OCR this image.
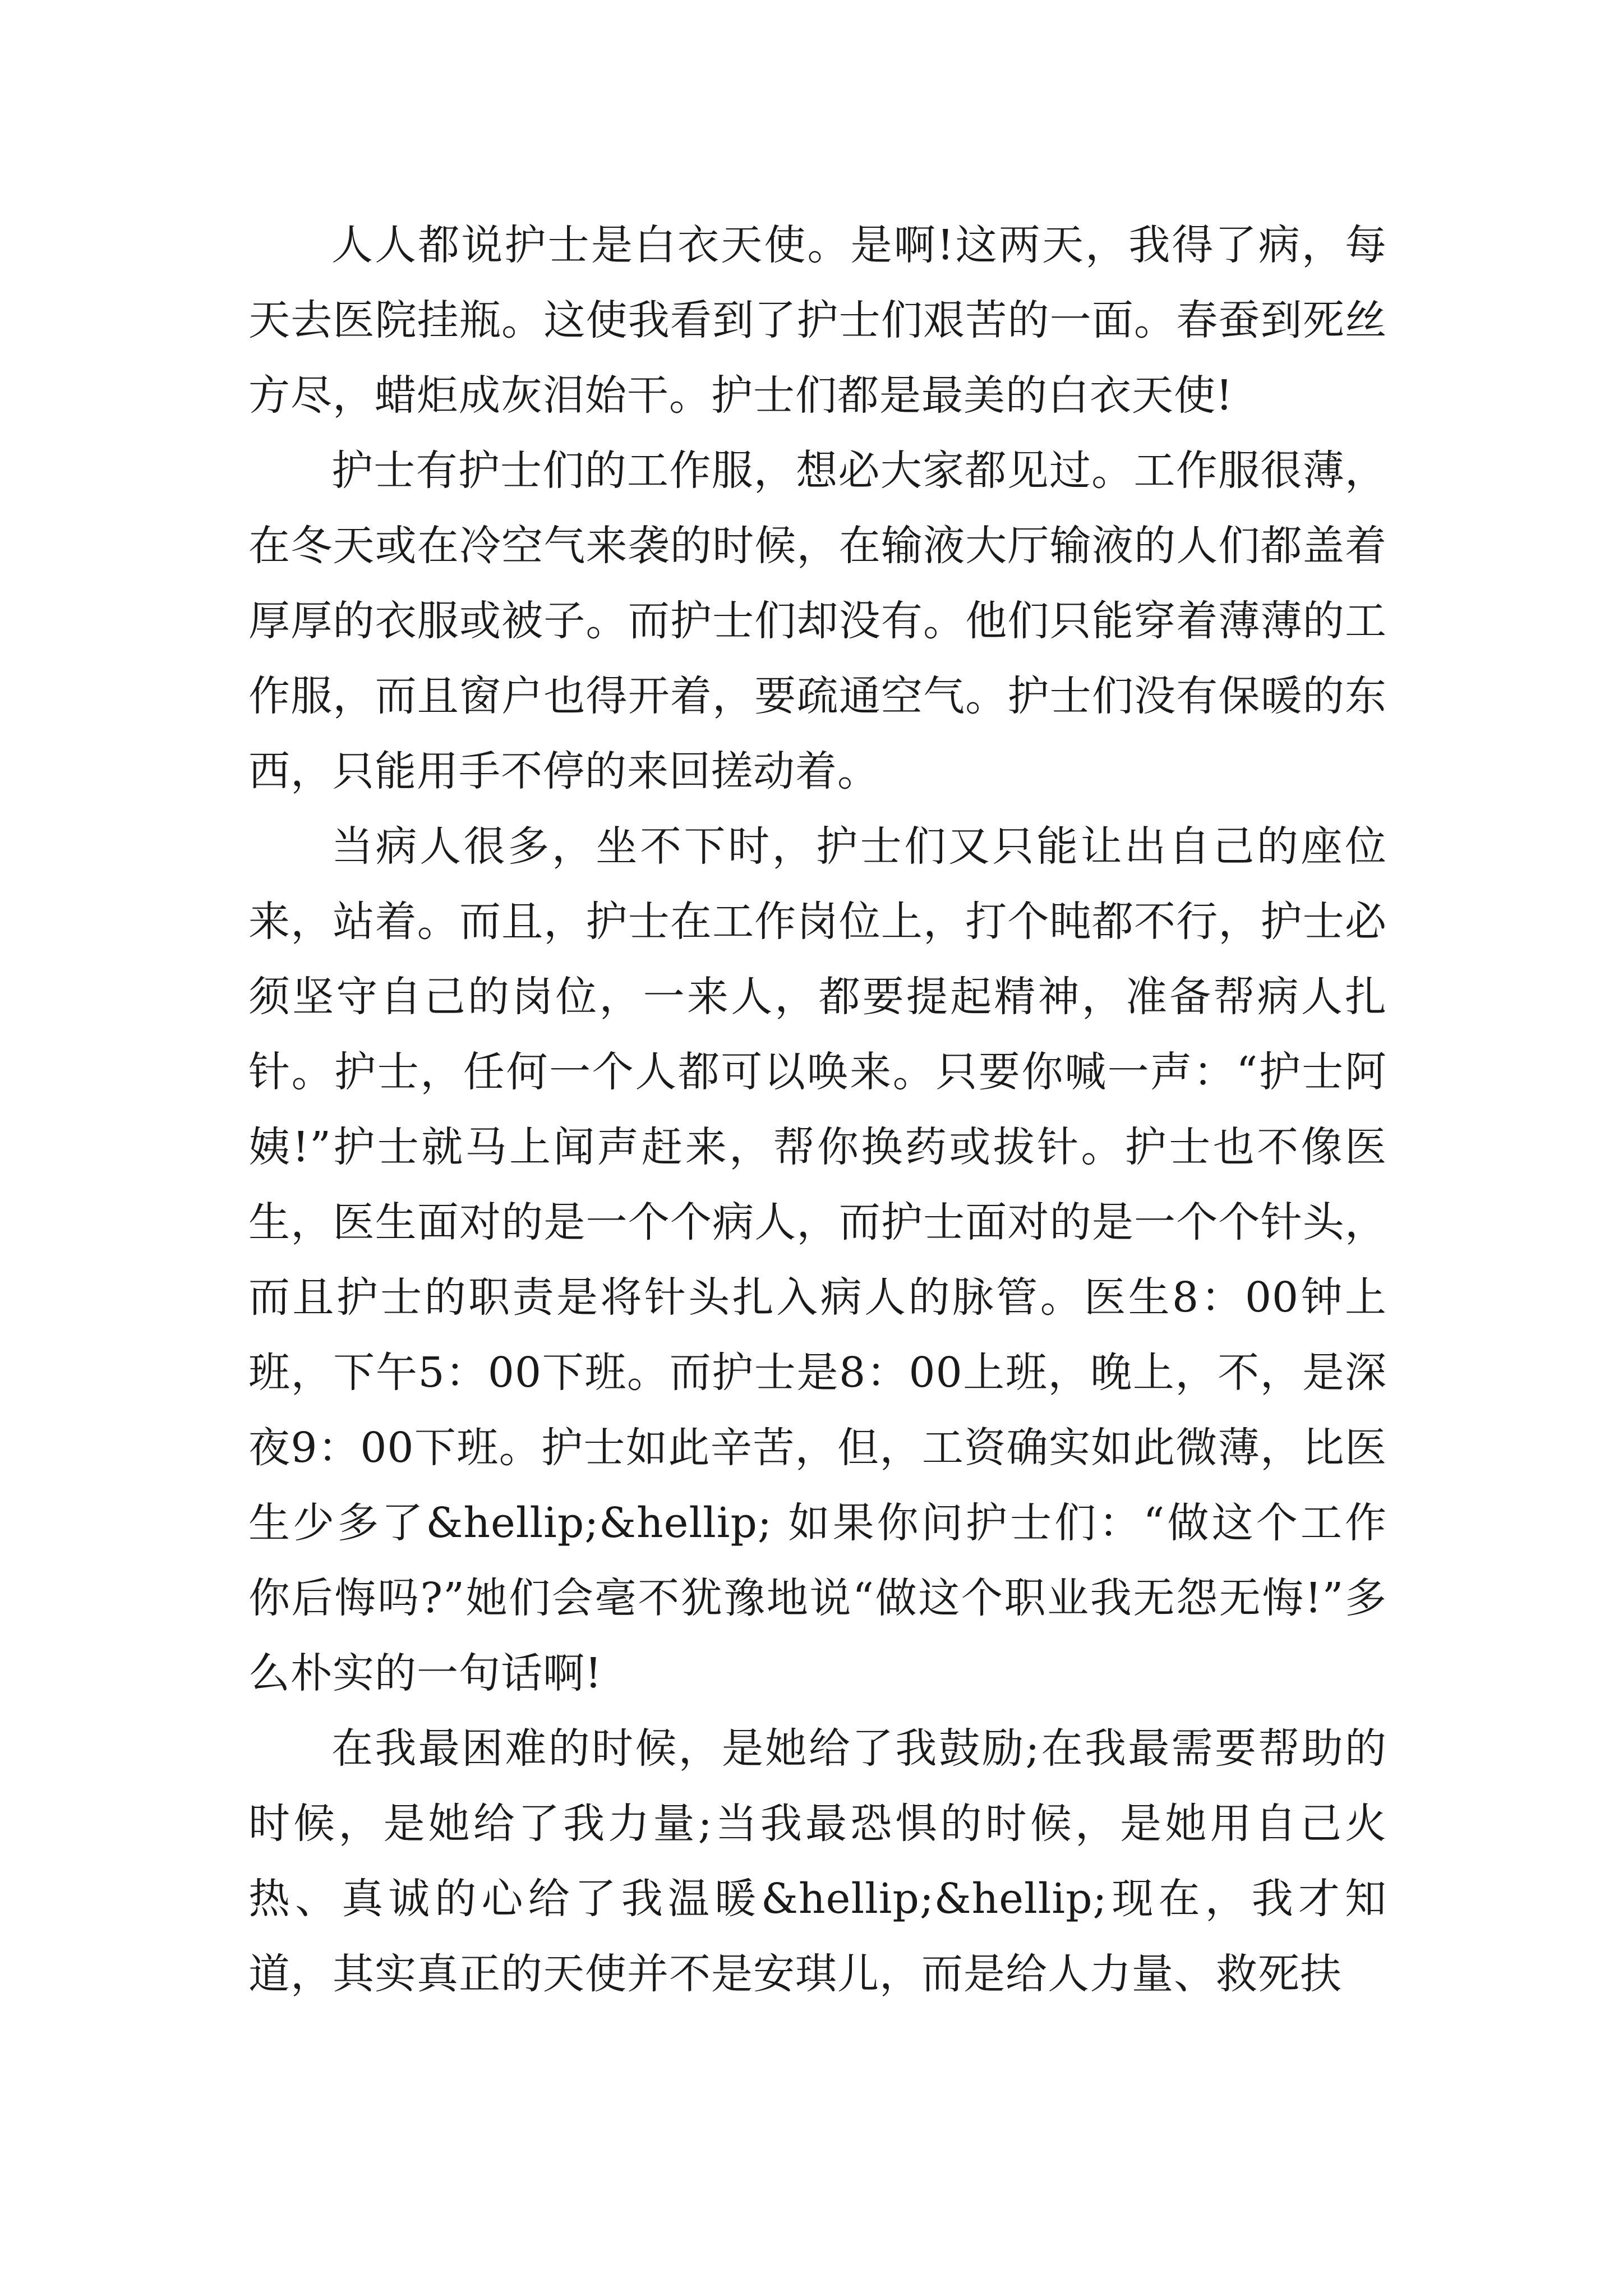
人人都说护士是白衣天使。是啊!这两天，我得了病，每天去医院挂瓶。这使我看到了护士们艰苦的一面。春蚕到死丝方尽，蜡炬成灰泪始干。护士们都是最美的白衣天使!

护士有护士们的工作服，想必大家都见过。工作服很薄，在冬天或在冷空气来袭的时候，在输液大厅输液的人们都盖着厚厚的衣服或被子。而护士们却没有。他们只能穿着薄薄的工作服，而且窗户也得开着，要疏通空气。护士们没有保暖的东西，只能用手不停的来回搓动着。

当病人很多，坐不下时，护士们又只能让出自己的座位来，站着。而且，护士在工作岗位上，打个盹都不行，护士必须坚守自己的岗位，一来人，都要提起精神，准备帮病人扎针。护士，任何一个人都可以唤来。只要你喊一声：“护士阿姨!”护士就马上闻声赶来，帮你换药或拔针。护士也不像医生，医生面对的是一个个病人，而护士面对的是一个个针头，而且护士的职责是将针头扎入病人的脉管。医生8：00钟上班，下午5：00下班。而护士是8：00上班，晚上，不，是深夜9：00下班。护士如此辛苦，但，工资确实如此微薄，比医生少多了&hellip;&hellip; 如果你问护士们：“做这个工作你后悔吗?”她们会毫不犹豫地说“做这个职业我无怨无悔!”多么朴实的一句话啊!

在我最困难的时候，是她给了我鼓励;在我最需要帮助的时候，是她给了我力量;当我最恐惧的时候，是她用自己火热、真诚的心给了我温暖&hellip;&hellip;现在，我才知道，其实真正的天使并不是安琪儿，而是给人力量、救死扶
